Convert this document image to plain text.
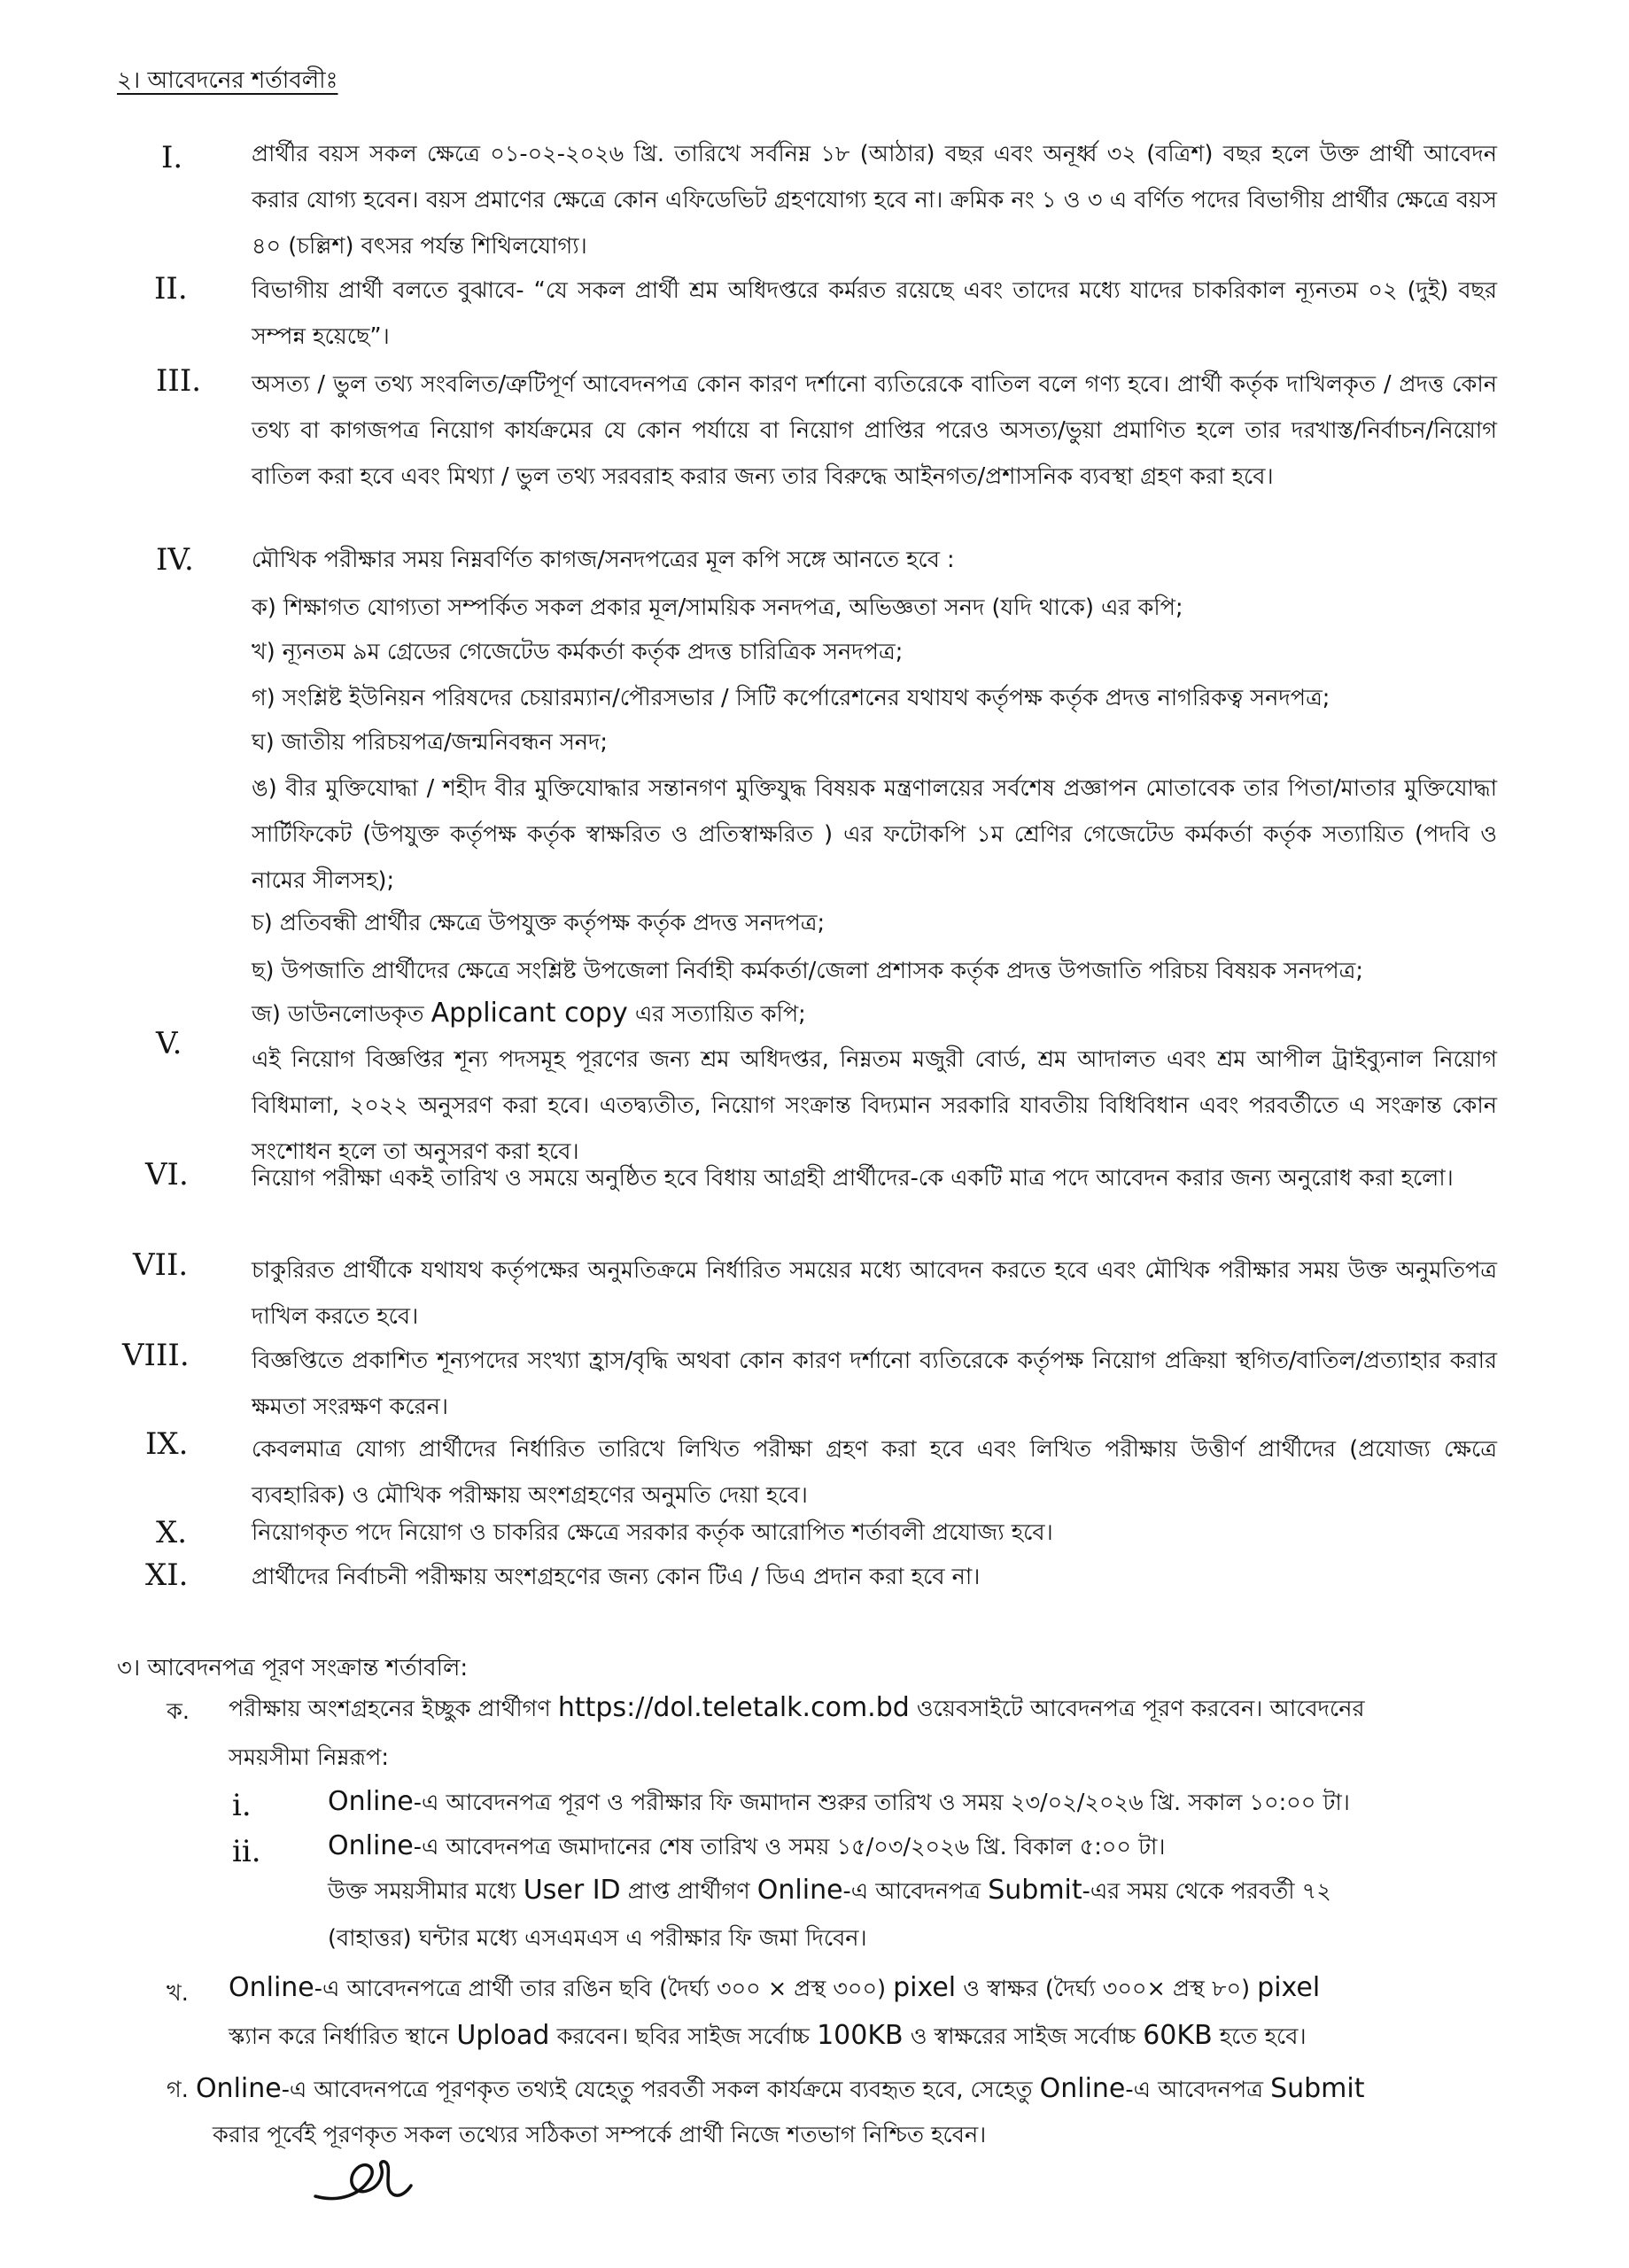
২। আবেদনের শর্তাবলীঃ
I.	প্রার্থীর বয়স সকল ক্ষেত্রে ০১-০২-২০২৬ খ্রি. তারিখে সর্বনিম্ন ১৮ (আঠার) বছর এবং অনূর্ধ্ব ৩২ (বত্রিশ) বছর হলে উক্ত প্রার্থী আবেদন করার যোগ্য হবেন। বয়স প্রমাণের ক্ষেত্রে কোন এফিডেভিট গ্রহণযোগ্য হবে না। ক্রমিক নং ১ ও ৩ এ বর্ণিত পদের বিভাগীয় প্রার্থীর ক্ষেত্রে বয়স ৪০ (চল্লিশ) বৎসর পর্যন্ত শিথিলযোগ্য।
II.	বিভাগীয় প্রার্থী বলতে বুঝাবে- “যে সকল প্রার্থী শ্রম অধিদপ্তরে কর্মরত রয়েছে এবং তাদের মধ্যে যাদের চাকরিকাল ন্যূনতম ০২ (দুই) বছর সম্পন্ন হয়েছে”।
III. অসত্য / ভুল তথ্য সংবলিত/ত্রুটিপূর্ণ আবেদনপত্র কোন কারণ দর্শানো ব্যতিরেকে বাতিল বলে গণ্য হবে। প্রার্থী কর্তৃক দাখিলকৃত / প্রদত্ত কোন তথ্য বা কাগজপত্র নিয়োগ কার্যক্রমের যে কোন পর্যায়ে বা নিয়োগ প্রাপ্তির পরেও অসত্য/ভুয়া প্রমাণিত হলে তার দরখাস্ত/নির্বাচন/নিয়োগ বাতিল করা হবে এবং মিথ্যা / ভুল তথ্য সরবরাহ করার জন্য তার বিরুদ্ধে আইনগত/প্রশাসনিক ব্যবস্থা গ্রহণ করা হবে।
IV.	মৌখিক পরীক্ষার সময় নিম্নবর্ণিত কাগজ/সনদপত্রের মূল কপি সঙ্গে আনতে হবে :
ক) শিক্ষাগত যোগ্যতা সম্পর্কিত সকল প্রকার মূল/সাময়িক সনদপত্র, অভিজ্ঞতা সনদ (যদি থাকে) এর কপি;
খ) ন্যূনতম ৯ম গ্রেডের গেজেটেড কর্মকর্তা কর্তৃক প্রদত্ত চারিত্রিক সনদপত্র;
গ) সংশ্লিষ্ট ইউনিয়ন পরিষদের চেয়ারম্যান/পৌরসভার / সিটি কর্পোরেশনের যথাযথ কর্তৃপক্ষ কর্তৃক প্রদত্ত নাগরিকত্ব সনদপত্র;
ঘ) জাতীয় পরিচয়পত্র/জন্মনিবন্ধন সনদ;
ঙ) বীর মুক্তিযোদ্ধা / শহীদ বীর মুক্তিযোদ্ধার সন্তানগণ মুক্তিযুদ্ধ বিষয়ক মন্ত্রণালয়ের সর্বশেষ প্রজ্ঞাপন মোতাবেক তার পিতা/মাতার মুক্তিযোদ্ধা সার্টিফিকেট (উপযুক্ত কর্তৃপক্ষ কর্তৃক স্বাক্ষরিত ও প্রতিস্বাক্ষরিত ) এর ফটোকপি ১ম শ্রেণির গেজেটেড কর্মকর্তা কর্তৃক সত্যায়িত (পদবি ও নামের সীলসহ);
চ) প্রতিবন্ধী প্রার্থীর ক্ষেত্রে উপযুক্ত কর্তৃপক্ষ কর্তৃক প্রদত্ত সনদপত্র;
ছ) উপজাতি প্রার্থীদের ক্ষেত্রে সংশ্লিষ্ট উপজেলা নির্বাহী কর্মকর্তা/জেলা প্রশাসক কর্তৃক প্রদত্ত উপজাতি পরিচয় বিষয়ক সনদপত্র;
জ) ডাউনলোডকৃত Applicant copy এর সত্যায়িত কপি;
V.	এই নিয়োগ বিজ্ঞপ্তির শূন্য পদসমূহ পূরণের জন্য শ্রম অধিদপ্তর, নিম্নতম মজুরী বোর্ড, শ্রম আদালত এবং শ্রম আপীল ট্রাইব্যুনাল নিয়োগ বিধিমালা, ২০২২ অনুসরণ করা হবে। এতদ্ব্যতীত, নিয়োগ সংক্রান্ত বিদ্যমান সরকারি যাবতীয় বিধিবিধান এবং পরবর্তীতে এ সংক্রান্ত কোন সংশোধন হলে তা অনুসরণ করা হবে।
VI.	নিয়োগ পরীক্ষা একই তারিখ ও সময়ে অনুষ্ঠিত হবে বিধায় আগ্রহী প্রার্থীদের-কে একটি মাত্র পদে আবেদন করার জন্য অনুরোধ করা হলো।
VII.	চাকুরিরত প্রার্থীকে যথাযথ কর্তৃপক্ষের অনুমতিক্রমে নির্ধারিত সময়ের মধ্যে আবেদন করতে হবে এবং মৌখিক পরীক্ষার সময় উক্ত অনুমতিপত্র দাখিল করতে হবে।
VIII.	বিজ্ঞপ্তিতে প্রকাশিত শূন্যপদের সংখ্যা হ্রাস/বৃদ্ধি অথবা কোন কারণ দর্শানো ব্যতিরেকে কর্তৃপক্ষ নিয়োগ প্রক্রিয়া স্থগিত/বাতিল/প্রত্যাহার করার ক্ষমতা সংরক্ষণ করেন।
IX.	কেবলমাত্র যোগ্য প্রার্থীদের নির্ধারিত তারিখে লিখিত পরীক্ষা গ্রহণ করা হবে এবং লিখিত পরীক্ষায় উত্তীর্ণ প্রার্থীদের (প্রযোজ্য ক্ষেত্রে ব্যবহারিক) ও মৌখিক পরীক্ষায় অংশগ্রহণের অনুমতি দেয়া হবে।
X.	নিয়োগকৃত পদে নিয়োগ ও চাকরির ক্ষেত্রে সরকার কর্তৃক আরোপিত শর্তাবলী প্রযোজ্য হবে।
XI.	প্রার্থীদের নির্বাচনী পরীক্ষায় অংশগ্রহণের জন্য কোন টিএ / ডিএ প্রদান করা হবে না।
৩। আবেদনপত্র পূরণ সংক্রান্ত শর্তাবলি:
ক. পরীক্ষায় অংশগ্রহনের ইচ্ছুক প্রার্থীগণ https://dol.teletalk.com.bd ওয়েবসাইটে আবেদনপত্র পূরণ করবেন। আবেদনের
সময়সীমা নিম্নরূপ:
i.	Online-এ আবেদনপত্র পূরণ ও পরীক্ষার ফি জমাদান শুরুর তারিখ ও সময় ২৩/০২/২০২৬ খ্রি. সকাল ১০:০০ টা।
ii.	Online-এ আবেদনপত্র জমাদানের শেষ তারিখ ও সময় ১৫/০৩/২০২৬ খ্রি. বিকাল ৫:০০ টা।
উক্ত সময়সীমার মধ্যে User ID প্রাপ্ত প্রার্থীগণ Online-এ আবেদনপত্র Submit-এর সময় থেকে পরবর্তী ৭২
(বাহাত্তর) ঘন্টার মধ্যে এসএমএস এ পরীক্ষার ফি জমা দিবেন।
খ. Online-এ আবেদনপত্রে প্রার্থী তার রঙিন ছবি (দৈর্ঘ্য ৩০০ × প্রস্থ ৩০০) pixel ও স্বাক্ষর (দৈর্ঘ্য ৩০০× প্রস্থ ৮০) pixel
স্ক্যান করে নির্ধারিত স্থানে Upload করবেন। ছবির সাইজ সর্বোচ্চ 100KB ও স্বাক্ষরের সাইজ সর্বোচ্চ 60KB হতে হবে।
গ. Online-এ আবেদনপত্রে পূরণকৃত তথ্যই যেহেতু পরবর্তী সকল কার্যক্রমে ব্যবহৃত হবে, সেহেতু Online-এ আবেদনপত্র Submit
করার পূর্বেই পূরণকৃত সকল তথ্যের সঠিকতা সম্পর্কে প্রার্থী নিজে শতভাগ নিশ্চিত হবেন।
